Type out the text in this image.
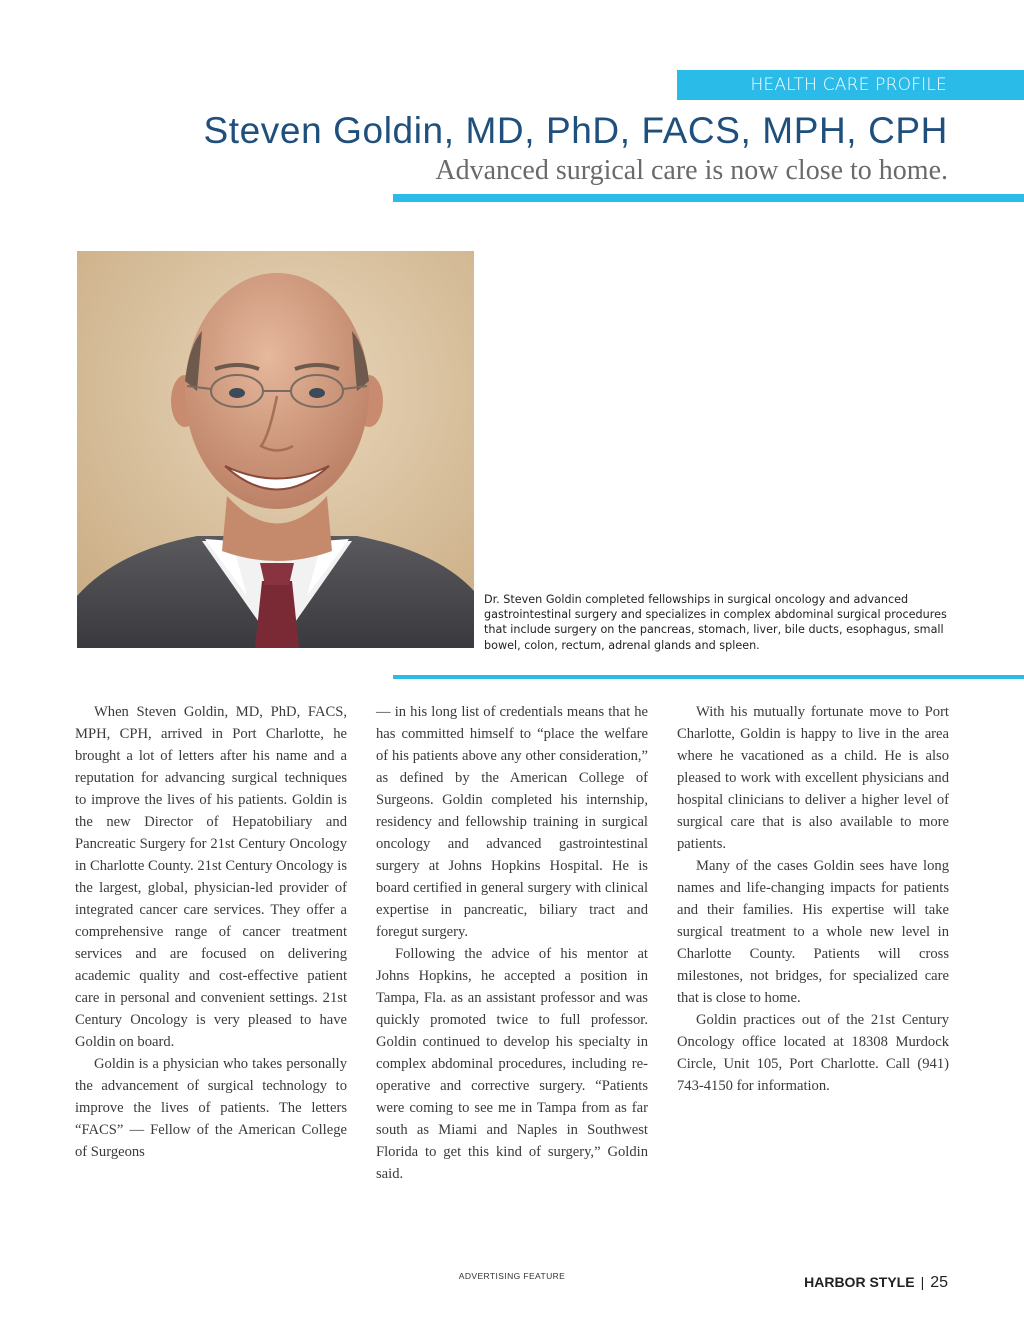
HEALTH CARE PROFILE
Steven Goldin, MD, PhD, FACS, MPH, CPH
Advanced surgical care is now close to home.
Dr. Steven Goldin completed fellowships in surgical oncology and advanced gastrointestinal surgery and specializes in complex abdominal surgical procedures that include surgery on the pancreas, stomach, liver, bile ducts, esophagus, small bowel, colon, rectum, adrenal glands and spleen.

When Steven Goldin, MD, PhD, FACS, MPH, CPH, arrived in Port Charlotte, he brought a lot of letters after his name and a reputation for advancing surgical techniques to improve the lives of his patients. Goldin is the new Director of Hepatobiliary and Pancreatic Surgery for 21st Century Oncology in Charlotte County. 21st Century Oncology is the largest, global, physician-led provider of integrated cancer care services. They offer a comprehensive range of cancer treatment services and are focused on delivering academic quality and cost-effective patient care in personal and convenient settings. 21st Century Oncology is very pleased to have Goldin on board.

Goldin is a physician who takes personally the advancement of surgical technology to improve the lives of patients. The letters “FACS” — Fellow of the American College of Surgeons

— in his long list of credentials means that he has committed himself to “place the welfare of his patients above any other consideration,” as defined by the American College of Surgeons. Goldin completed his internship, residency and fellowship training in surgical oncology and advanced gastrointestinal surgery at Johns Hopkins Hospital. He is board certified in general surgery with clinical expertise in pancreatic, biliary tract and foregut surgery.

Following the advice of his mentor at Johns Hopkins, he accepted a position in Tampa, Fla. as an assistant professor and was quickly promoted twice to full professor. Goldin continued to develop his specialty in complex abdominal procedures, including re-operative and corrective surgery. “Patients were coming to see me in Tampa from as far south as Miami and Naples in Southwest Florida to get this kind of surgery,” Goldin said.

With his mutually fortunate move to Port Charlotte, Goldin is happy to live in the area where he vacationed as a child. He is also pleased to work with excellent physicians and hospital clinicians to deliver a higher level of surgical care that is also available to more patients.

Many of the cases Goldin sees have long names and life-changing impacts for patients and their families. His expertise will take surgical treatment to a whole new level in Charlotte County. Patients will cross milestones, not bridges, for specialized care that is close to home.

Goldin practices out of the 21st Century Oncology office located at 18308 Murdock Circle, Unit 105, Port Charlotte. Call (941) 743-4150 for information.

ADVERTISING FEATURE	HARBOR STYLE | 25
